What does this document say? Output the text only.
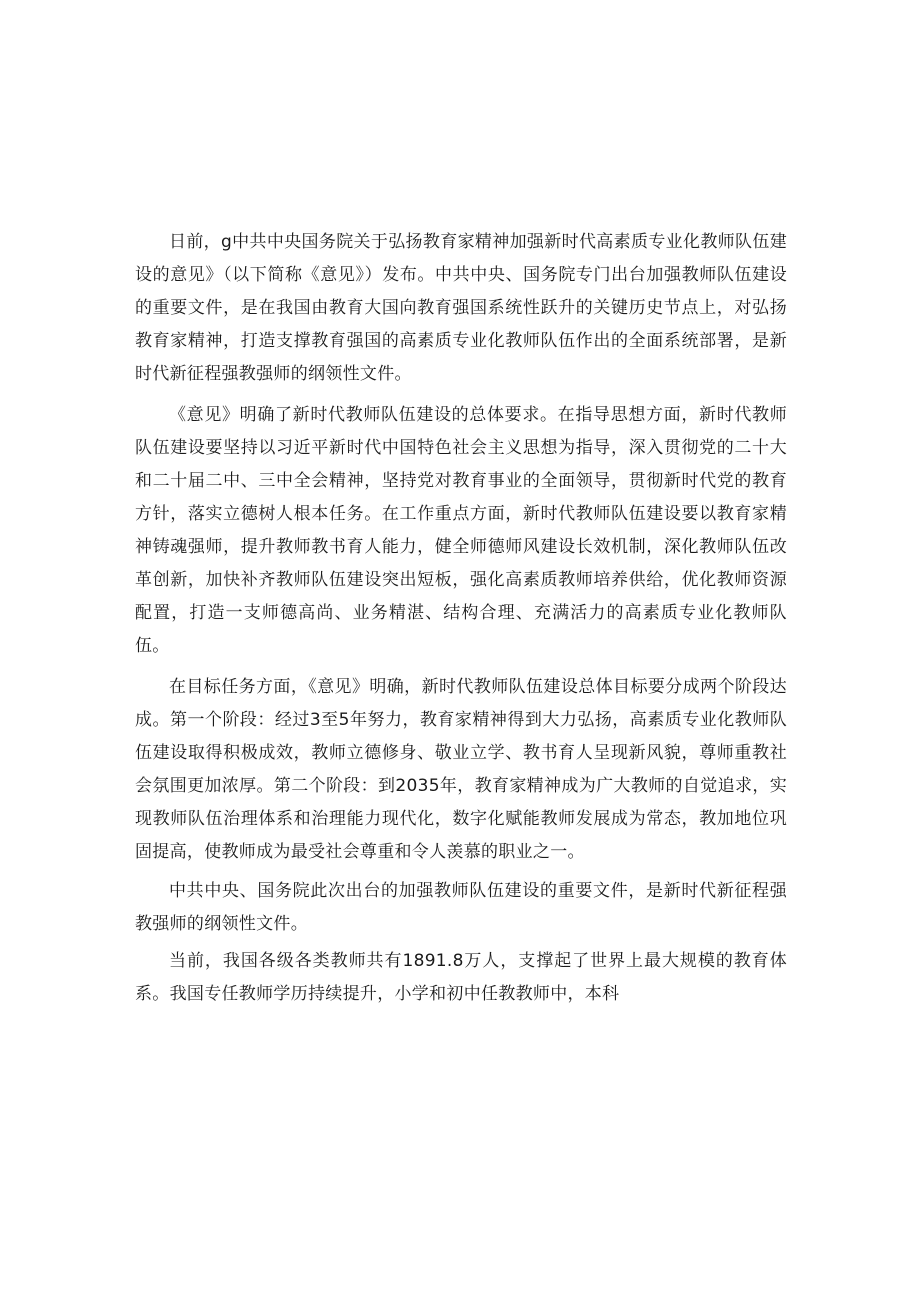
日前，g中共中央国务院关于弘扬教育家精神加强新时代高素质专业化教师队伍建设的意见》（以下简称《意见》）发布。中共中央、国务院专门出台加强教师队伍建设的重要文件，是在我国由教育大国向教育强国系统性跃升的关键历史节点上，对弘扬教育家精神，打造支撑教育强国的高素质专业化教师队伍作出的全面系统部署，是新时代新征程强教强师的纲领性文件。

《意见》明确了新时代教师队伍建设的总体要求。在指导思想方面，新时代教师队伍建设要坚持以习近平新时代中国特色社会主义思想为指导，深入贯彻党的二十大和二十届二中、三中全会精神，坚持党对教育事业的全面领导，贯彻新时代党的教育方针，落实立德树人根本任务。在工作重点方面，新时代教师队伍建设要以教育家精神铸魂强师，提升教师教书育人能力，健全师德师风建设长效机制，深化教师队伍改革创新，加快补齐教师队伍建设突出短板，强化高素质教师培养供给，优化教师资源配置，打造一支师德高尚、业务精湛、结构合理、充满活力的高素质专业化教师队伍。

在目标任务方面，《意见》明确，新时代教师队伍建设总体目标要分成两个阶段达成。第一个阶段：经过3至5年努力，教育家精神得到大力弘扬，高素质专业化教师队伍建设取得积极成效，教师立德修身、敬业立学、教书育人呈现新风貌，尊师重教社会氛围更加浓厚。第二个阶段：到2035年，教育家精神成为广大教师的自觉追求，实现教师队伍治理体系和治理能力现代化，数字化赋能教师发展成为常态，教加地位巩固提高，使教师成为最受社会尊重和令人羡慕的职业之一。

中共中央、国务院此次出台的加强教师队伍建设的重要文件，是新时代新征程强教强师的纲领性文件。

当前，我国各级各类教师共有1891.8万人，支撑起了世界上最大规模的教育体系。我国专任教师学历持续提升，小学和初中任教教师中，本科
